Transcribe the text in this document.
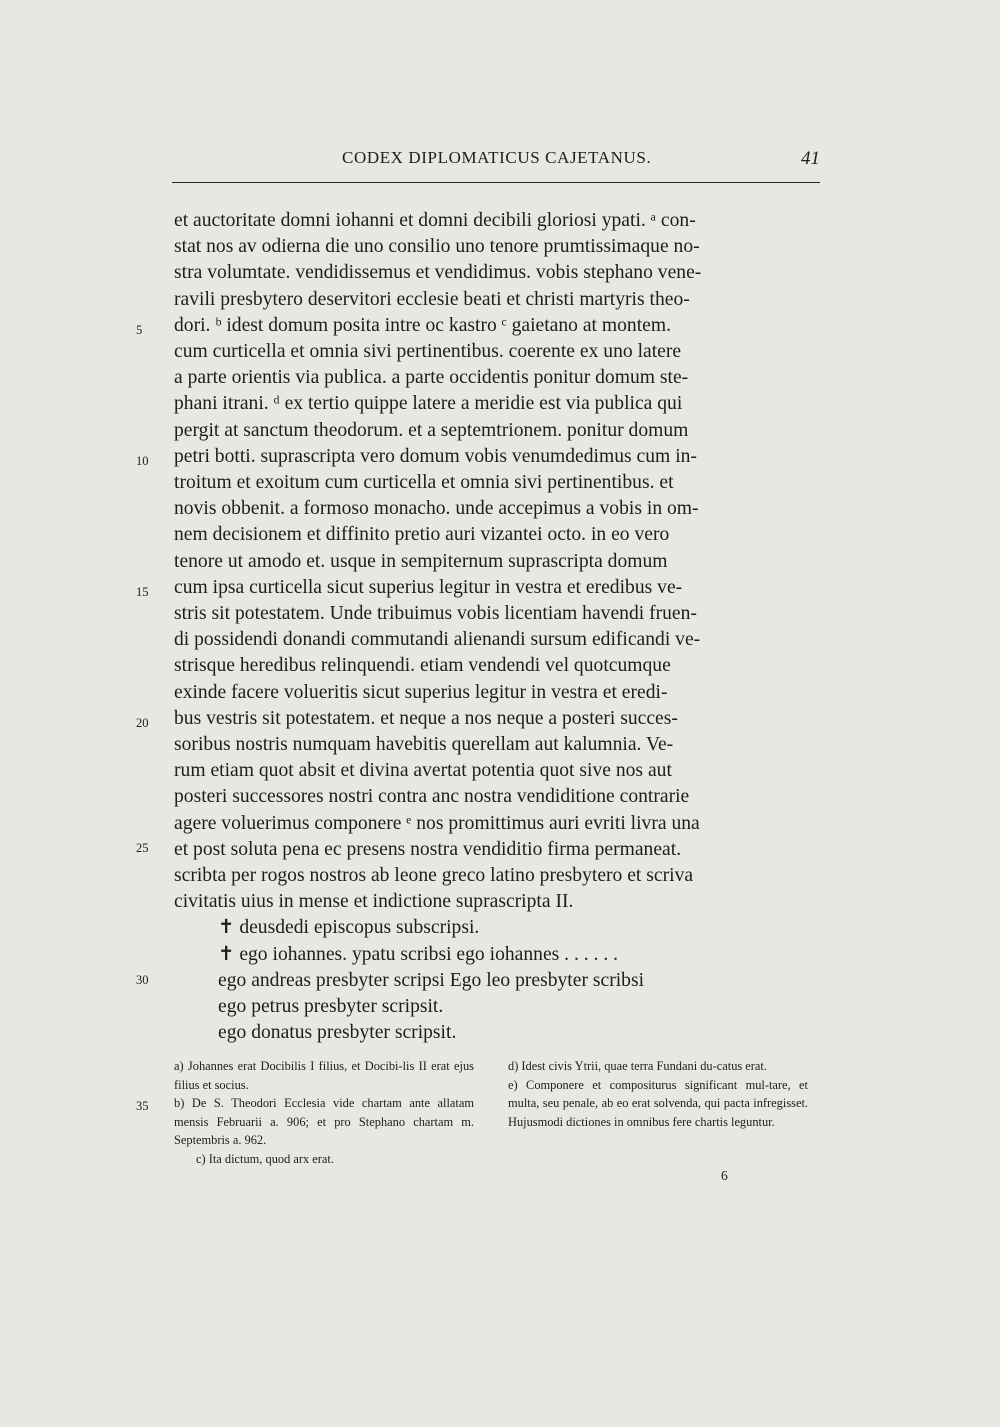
CODEX DIPLOMATICUS CAJETANUS.	41
et auctoritate domni iohanni et domni decibili gloriosi ypati. ᵃ con-
stat nos av odierna die uno consilio uno tenore prumtissimaque no-
stra volumtate. vendidissemus et vendidimus. vobis stephano vene-
ravili presbytero deservitori ecclesie beati et christi martyris theo-
dori. ᵇ idest domum posita intre oc kastro ᶜ gaietano at montem.
cum curticella et omnia sivi pertinentibus. coerente ex uno latere
a parte orientis via publica. a parte occidentis ponitur domum ste-
phani itrani. ᵈ ex tertio quippe latere a meridie est via publica qui
pergit at sanctum theodorum. et a septemtrionem. ponitur domum
petri botti. suprascripta vero domum vobis venumdedimus cum in-
troitum et exoitum cum curticella et omnia sivi pertinentibus. et
novis obbenit. a formoso monacho. unde accepimus a vobis in om-
nem decisionem et diffinito pretio auri vizantei octo. in eo vero
tenore ut amodo et. usque in sempiternum suprascripta domum
cum ipsa curticella sicut superius legitur in vestra et eredibus ve-
stris sit potestatem. Unde tribuimus vobis licentiam havendi fruen-
di possidendi donandi commutandi alienandi sursum edificandi ve-
strisque heredibus relinquendi. etiam vendendi vel quotcumque
exinde facere volueritis sicut superius legitur in vestra et eredi-
bus vestris sit potestatem. et neque a nos neque a posteri succes-
soribus nostris numquam havebitis querellam aut kalumnia. Ve-
rum etiam quot absit et divina avertat potentia quot sive nos aut
posteri successores nostri contra anc nostra vendiditione contrarie
agere voluerimus componere ᵉ nos promittimus auri evriti livra una
et post soluta pena ec presens nostra vendiditio firma permaneat.
scribta per rogos nostros ab leone greco latino presbytero et scriva
civitatis uius in mense et indictione suprascripta II.
✝ deusdedi episcopus subscripsi.
✝ ego iohannes. ypatu scribsi ego iohannes . . . . . .
ego andreas presbyter scripsi Ego leo presbyter scribsi
ego petrus presbyter scripsit.
ego donatus presbyter scripsit.
5
10
15
20
25
30
35
a) Johannes erat Docibilis I filius, et Docibi-lis II erat ejus filius et socius.
b) De S. Theodori Ecclesia vide chartam ante allatam mensis Februarii a. 906; et pro Stephano chartam m. Septembris a. 962.
c) Ita dictum, quod arx erat.
d) Idest civis Ytrii, quae terra Fundani du-catus erat.
e) Componere et compositurus significant mul-tare, et multa, seu penale, ab eo erat solvenda, qui pacta infregisset. Hujusmodi dictiones in omnibus fere chartis leguntur.
6
